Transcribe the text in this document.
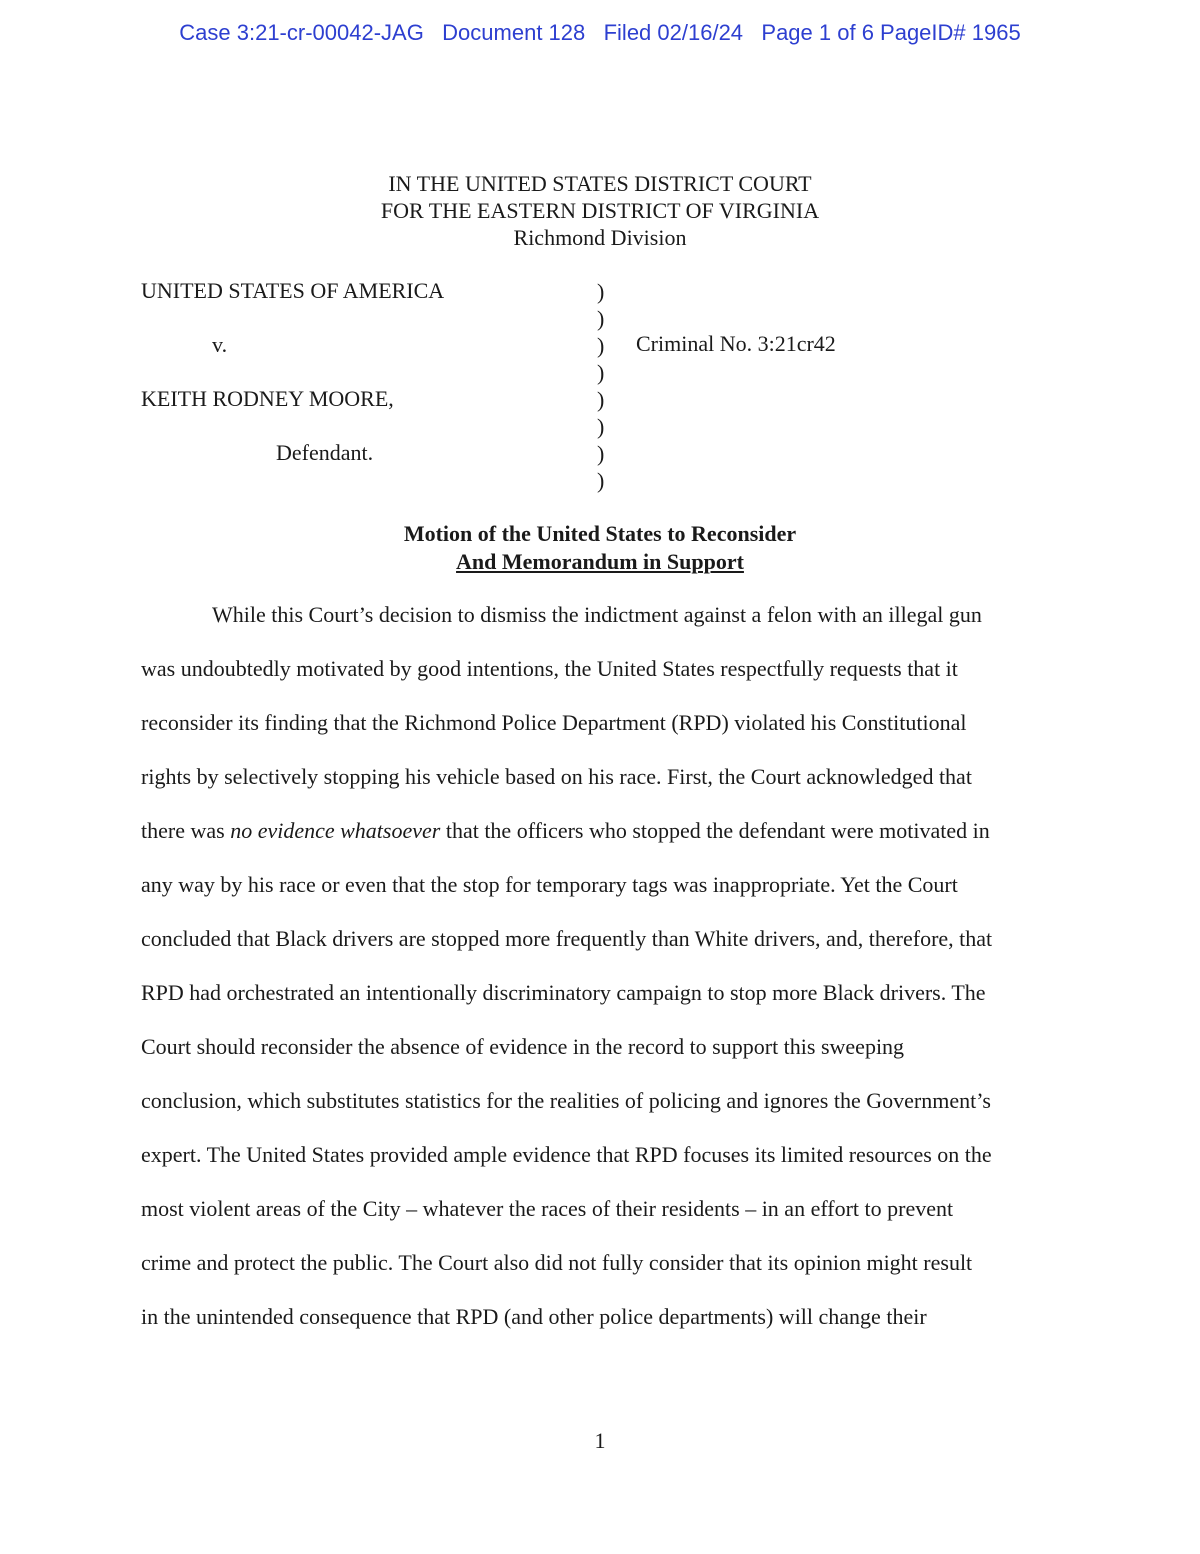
Case 3:21-cr-00042-JAG Document 128 Filed 02/16/24 Page 1 of 6 PageID# 1965
IN THE UNITED STATES DISTRICT COURT
FOR THE EASTERN DISTRICT OF VIRGINIA
Richmond Division
UNITED STATES OF AMERICA
v.
KEITH RODNEY MOORE,
Defendant.
)
)
)
)
)
)
)
)
Criminal No. 3:21cr42
Motion of the United States to Reconsider
And Memorandum in Support
While this Court’s decision to dismiss the indictment against a felon with an illegal gun
was undoubtedly motivated by good intentions, the United States respectfully requests that it
reconsider its finding that the Richmond Police Department (RPD) violated his Constitutional
rights by selectively stopping his vehicle based on his race. First, the Court acknowledged that
there was no evidence whatsoever that the officers who stopped the defendant were motivated in
any way by his race or even that the stop for temporary tags was inappropriate. Yet the Court
concluded that Black drivers are stopped more frequently than White drivers, and, therefore, that
RPD had orchestrated an intentionally discriminatory campaign to stop more Black drivers. The
Court should reconsider the absence of evidence in the record to support this sweeping
conclusion, which substitutes statistics for the realities of policing and ignores the Government’s
expert. The United States provided ample evidence that RPD focuses its limited resources on the
most violent areas of the City – whatever the races of their residents – in an effort to prevent
crime and protect the public. The Court also did not fully consider that its opinion might result
in the unintended consequence that RPD (and other police departments) will change their
1
